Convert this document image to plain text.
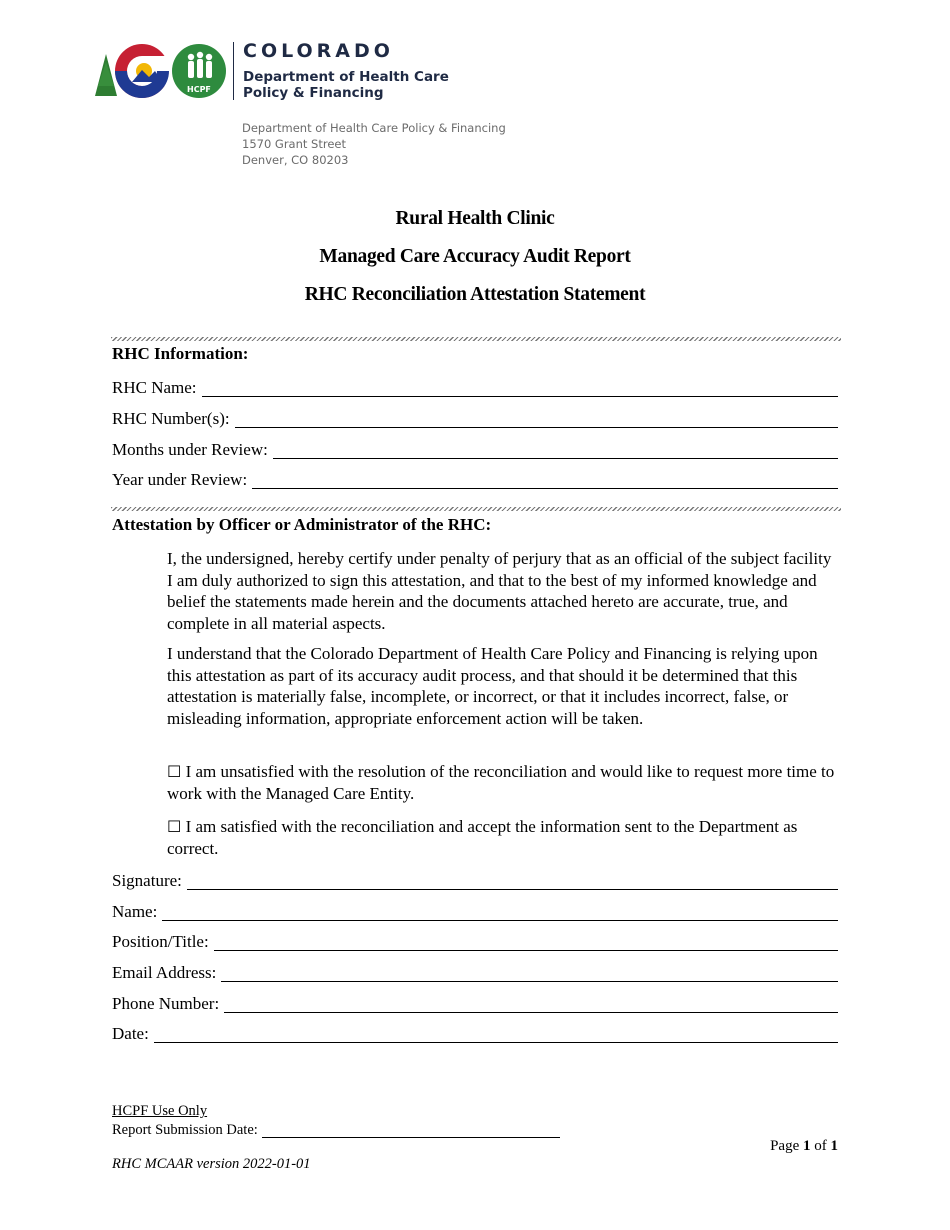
HCPF
COLORADO
Department of Health Care
Policy & Financing
Department of Health Care Policy & Financing
1570 Grant Street
Denver, CO 80203
Rural Health Clinic
Managed Care Accuracy Audit Report
RHC Reconciliation Attestation Statement
RHC Information:
RHC Name:
RHC Number(s):
Months under Review:
Year under Review:
Attestation by Officer or Administrator of the RHC:
I, the undersigned, hereby certify under penalty of perjury that as an official of the subject facility I am duly authorized to sign this attestation, and that to the best of my informed knowledge and belief the statements made herein and the documents attached hereto are accurate, true, and complete in all material aspects.
I understand that the Colorado Department of Health Care Policy and Financing is relying upon this attestation as part of its accuracy audit process, and that should it be determined that this attestation is materially false, incomplete, or incorrect, or that it includes incorrect, false, or misleading information, appropriate enforcement action will be taken.
☐ I am unsatisfied with the resolution of the reconciliation and would like to request more time to work with the Managed Care Entity.
☐ I am satisfied with the reconciliation and accept the information sent to the Department as correct.
Signature:
Name:
Position/Title:
Email Address:
Phone Number:
Date:
HCPF Use Only
Report Submission Date:
Page 1 of 1
RHC MCAAR version 2022-01-01
